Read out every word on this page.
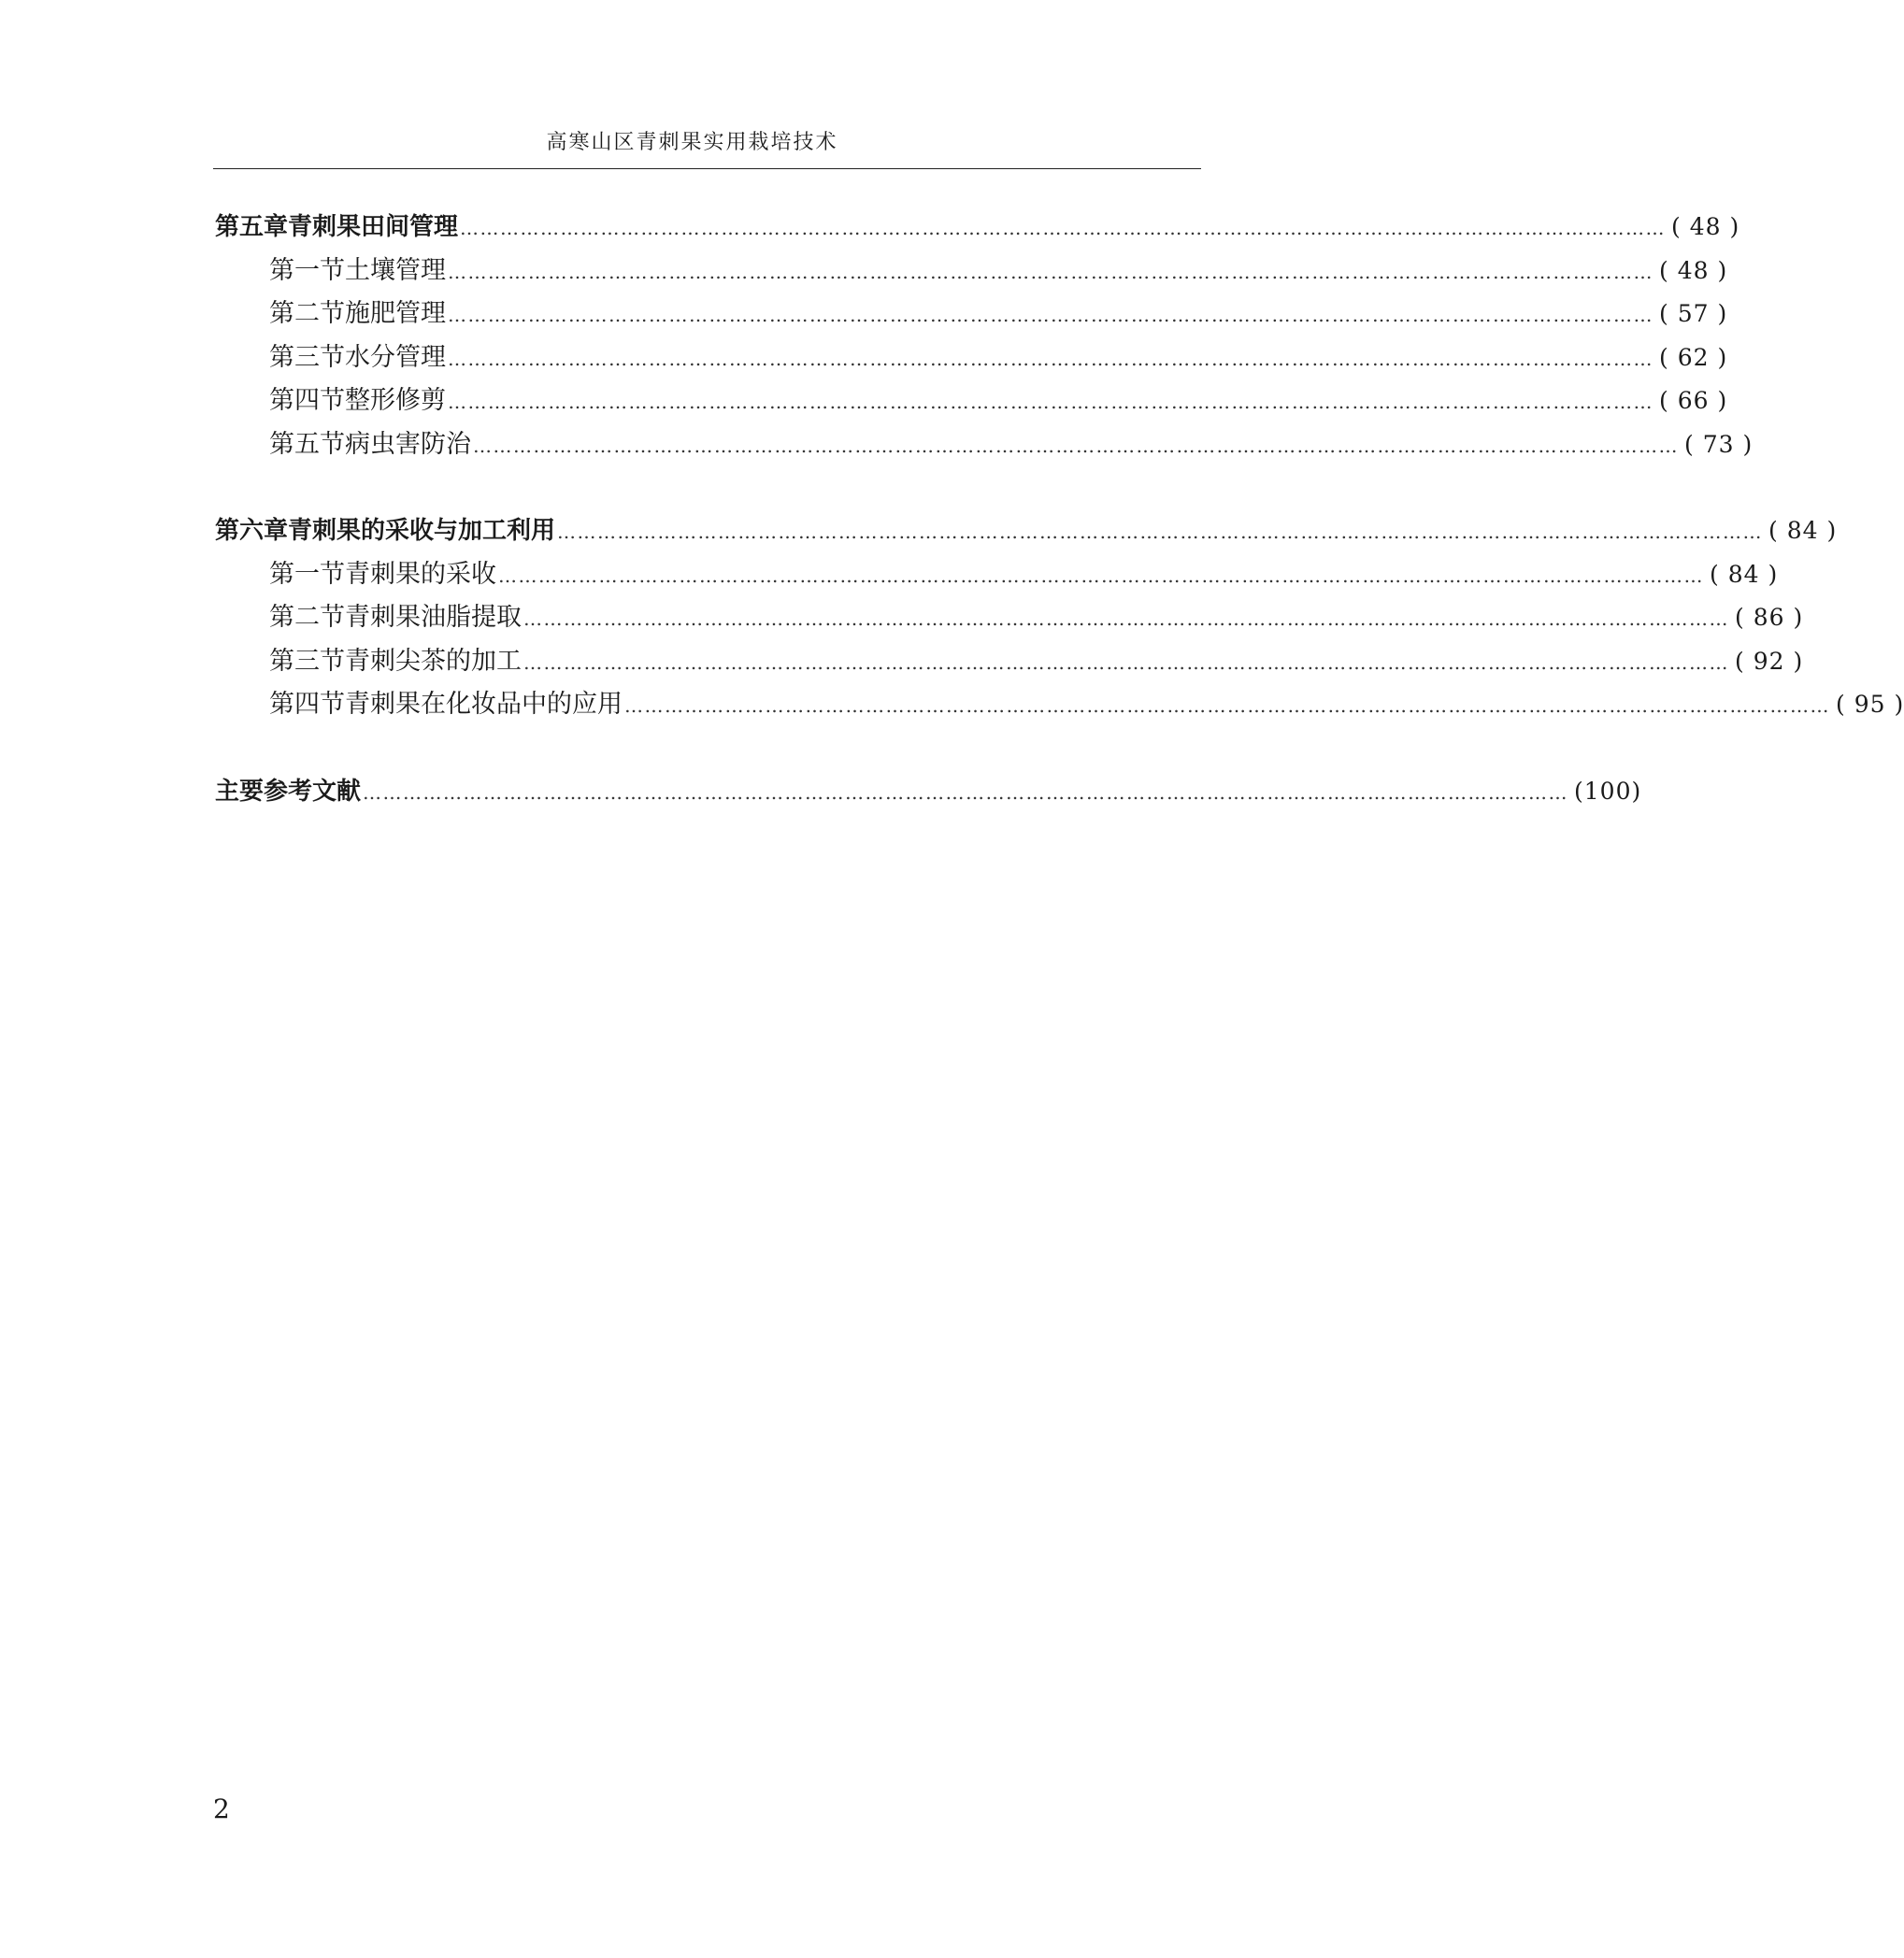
高寒山区青刺果实用栽培技术
第五章 青刺果田间管理 ……………………………………………………………………………………………………………………………………………………………… ( 48 )
第一节 土壤管理 ……………………………………………………………………………………………………………………………………………………………… ( 48 )
第二节 施肥管理 ……………………………………………………………………………………………………………………………………………………………… ( 57 )
第三节 水分管理 ……………………………………………………………………………………………………………………………………………………………… ( 62 )
第四节 整形修剪 ……………………………………………………………………………………………………………………………………………………………… ( 66 )
第五节 病虫害防治 ……………………………………………………………………………………………………………………………………………………………… ( 73 )
第六章 青刺果的采收与加工利用 ……………………………………………………………………………………………………………………………………………………………… ( 84 )
第一节 青刺果的采收 ……………………………………………………………………………………………………………………………………………………………… ( 84 )
第二节 青刺果油脂提取 ……………………………………………………………………………………………………………………………………………………………… ( 86 )
第三节 青刺尖茶的加工 ……………………………………………………………………………………………………………………………………………………………… ( 92 )
第四节 青刺果在化妆品中的应用 ……………………………………………………………………………………………………………………………………………………………… ( 95 )
主要参考文献 ……………………………………………………………………………………………………………………………………………………………… (100)
2
